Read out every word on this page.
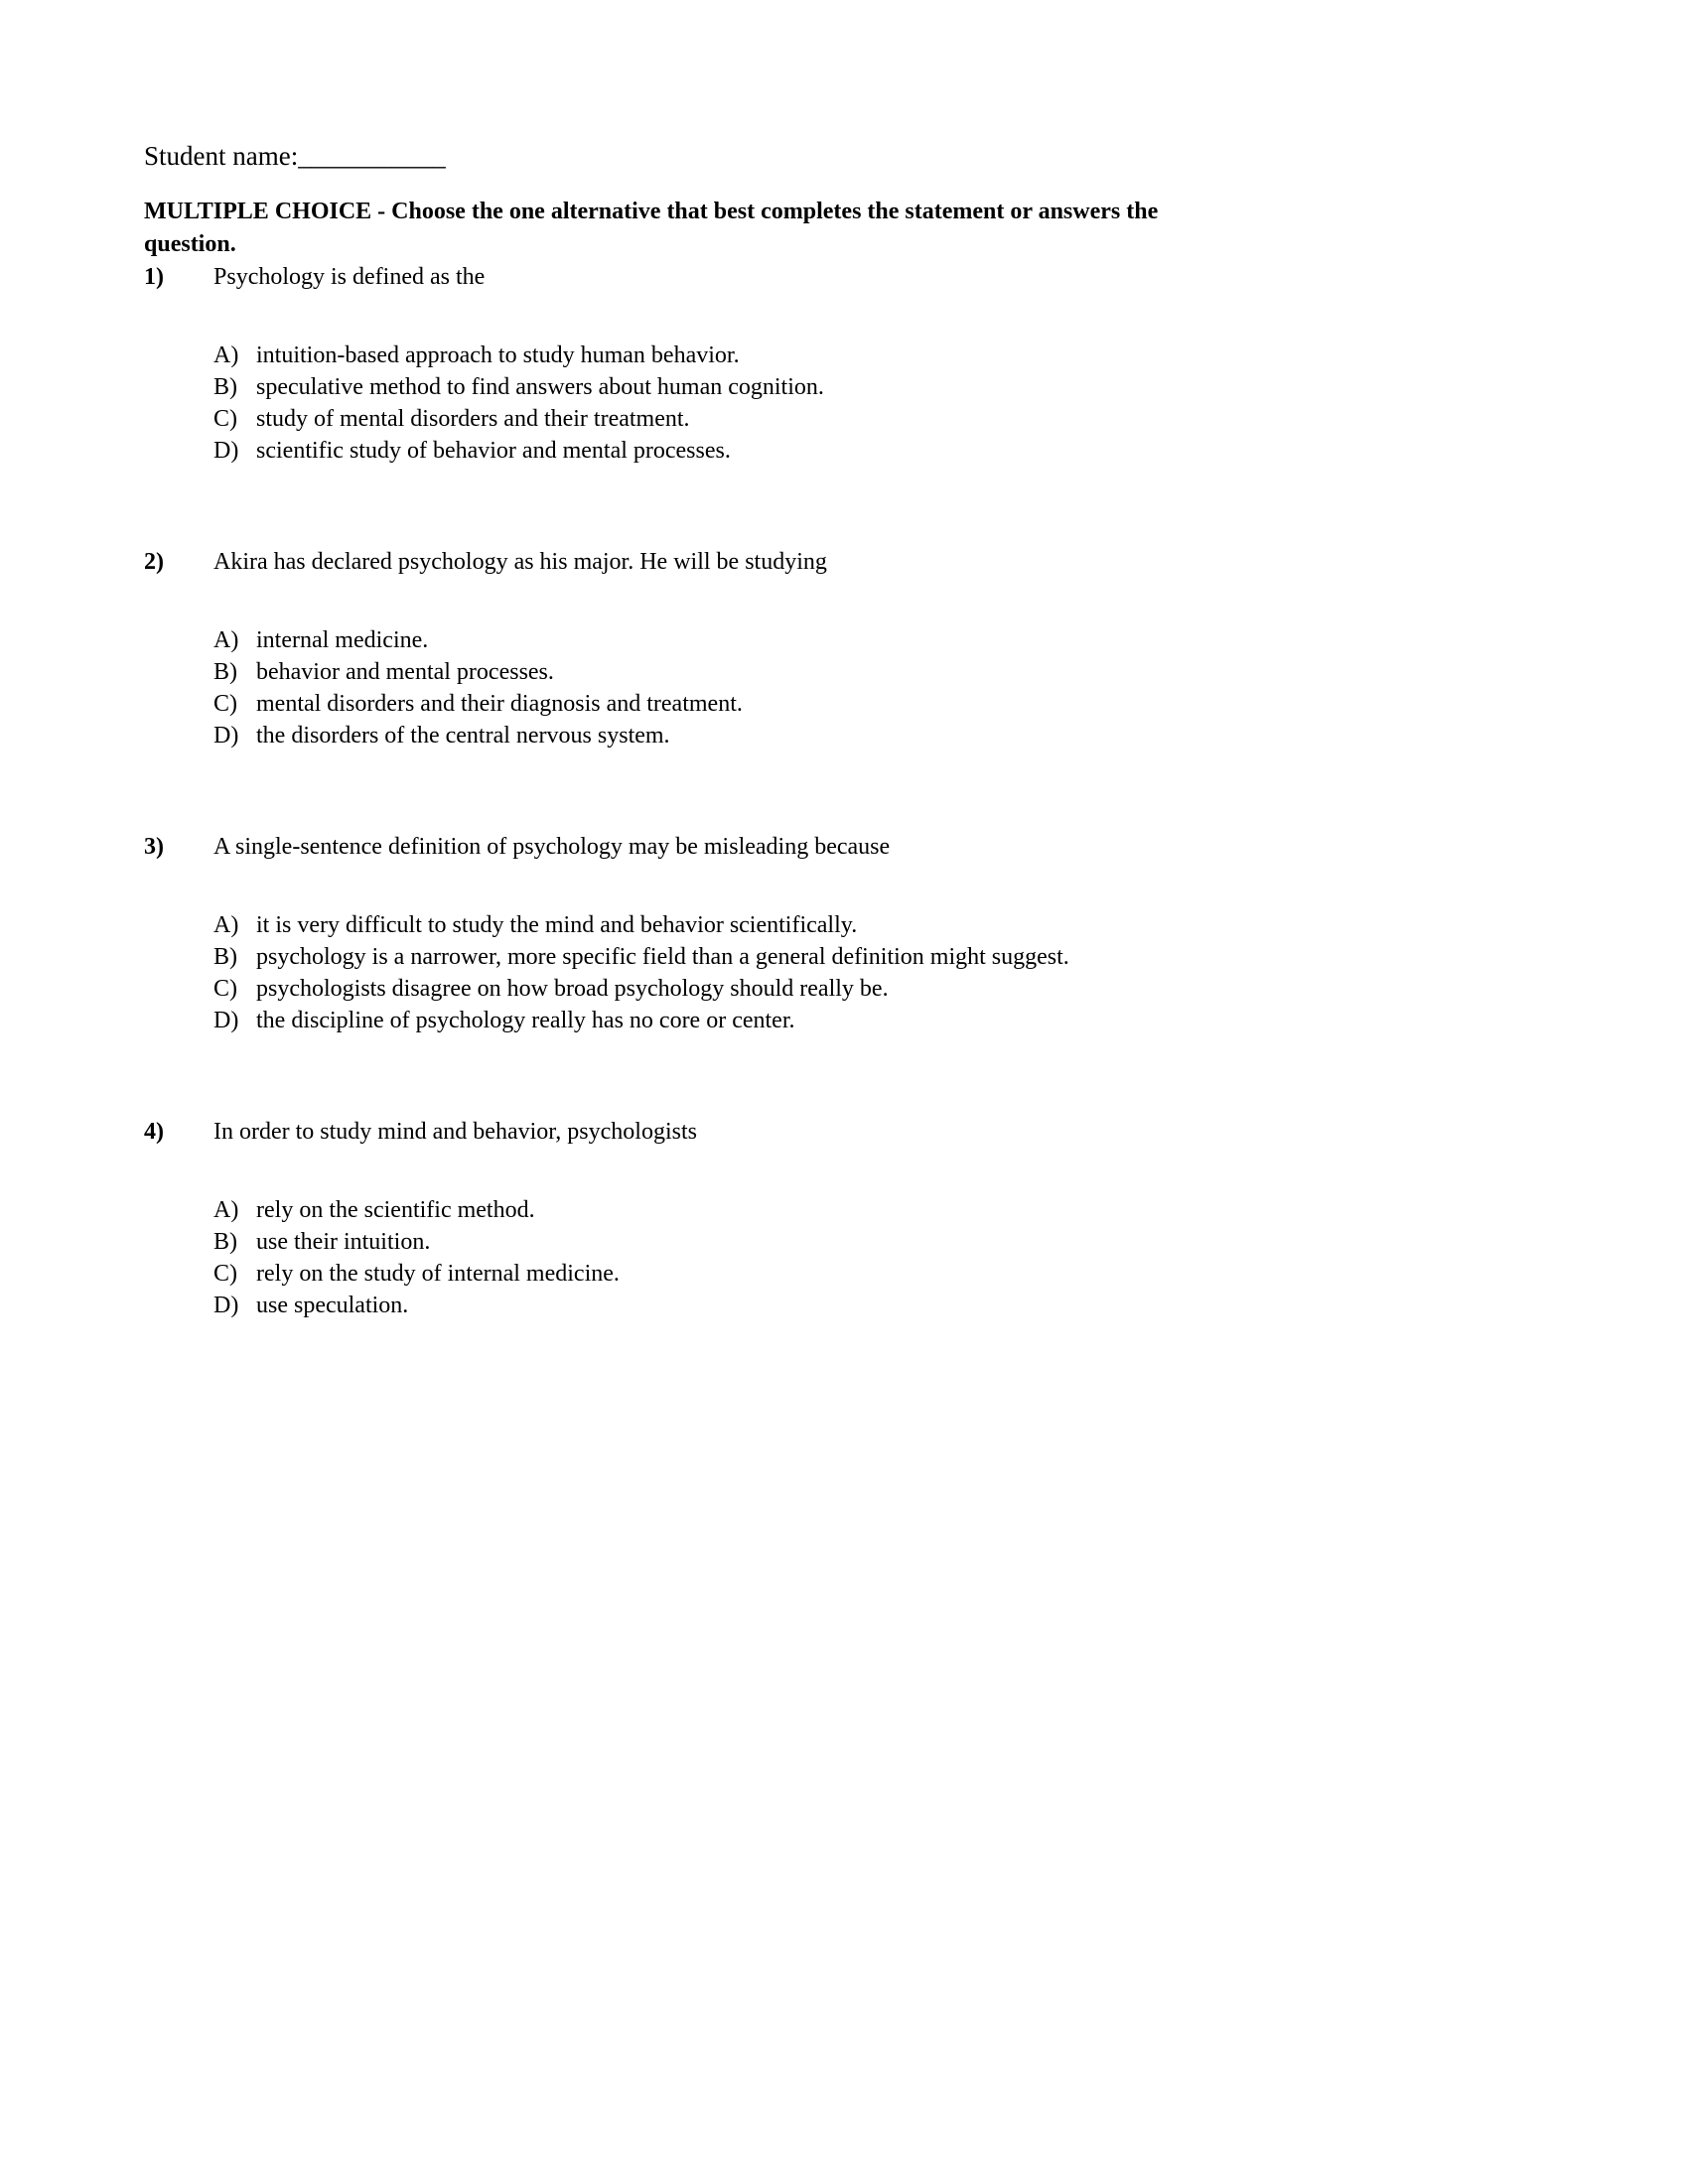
Student name:___________
MULTIPLE CHOICE - Choose the one alternative that best completes the statement or answers the question.
1)	Psychology is defined as the
A) intuition-based approach to study human behavior.
B) speculative method to find answers about human cognition.
C) study of mental disorders and their treatment.
D) scientific study of behavior and mental processes.
2)	Akira has declared psychology as his major. He will be studying
A) internal medicine.
B) behavior and mental processes.
C) mental disorders and their diagnosis and treatment.
D) the disorders of the central nervous system.
3)	A single-sentence definition of psychology may be misleading because
A) it is very difficult to study the mind and behavior scientifically.
B) psychology is a narrower, more specific field than a general definition might suggest.
C) psychologists disagree on how broad psychology should really be.
D) the discipline of psychology really has no core or center.
4)	In order to study mind and behavior, psychologists
A) rely on the scientific method.
B) use their intuition.
C) rely on the study of internal medicine.
D) use speculation.
